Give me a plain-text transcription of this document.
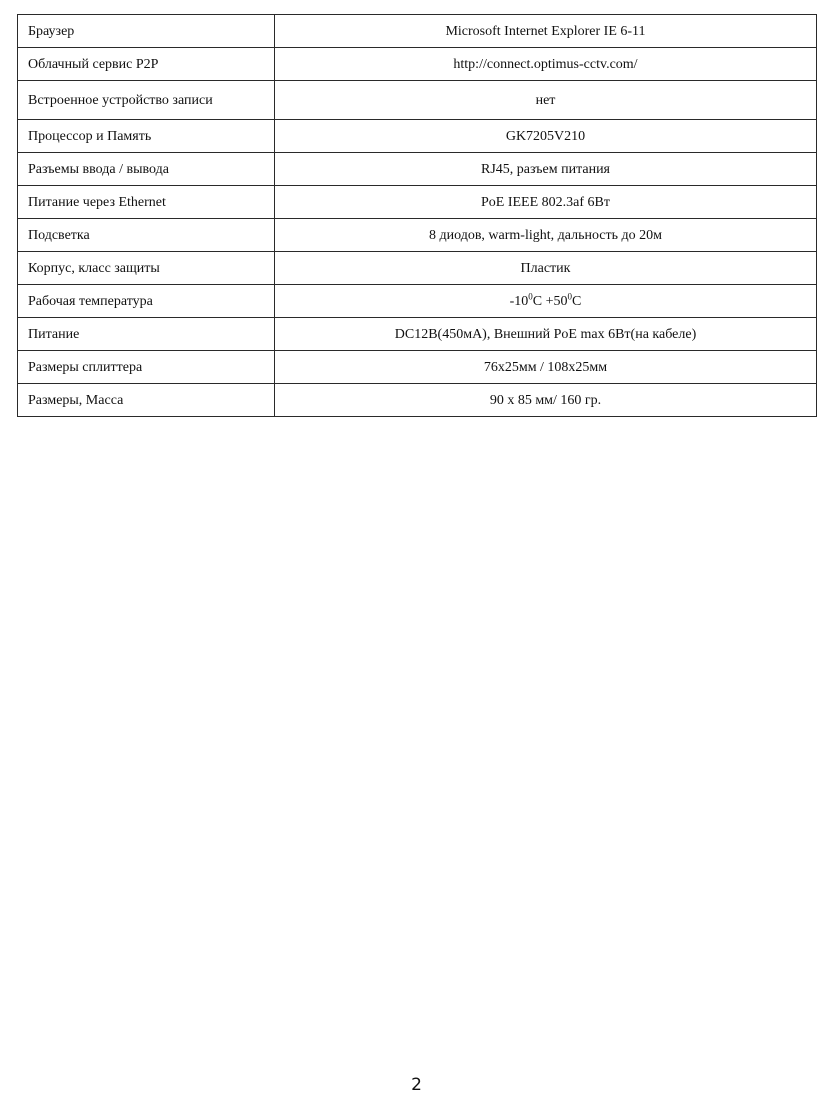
Браузер	Microsoft Internet Explorer IE 6-11
Облачный сервис P2P	http://connect.optimus-cctv.com/
Встроенное устройство записи	нет
Процессор и Память	GK7205V210
Разъемы ввода / вывода	RJ45, разъем питания
Питание через Ethernet	PoE IEEE 802.3af 6Вт
Подсветка	8 диодов, warm-light, дальность до 20м
Корпус, класс защиты	Пластик
Рабочая температура	$-10^0C +50^0C$
Питание	DC12В(450мА), Внешний PoE max 6Вт(на кабеле)
Размеры сплиттера	76х25мм / 108х25мм
Размеры, Масса	90 х 85 мм/ 160 гр.
2
